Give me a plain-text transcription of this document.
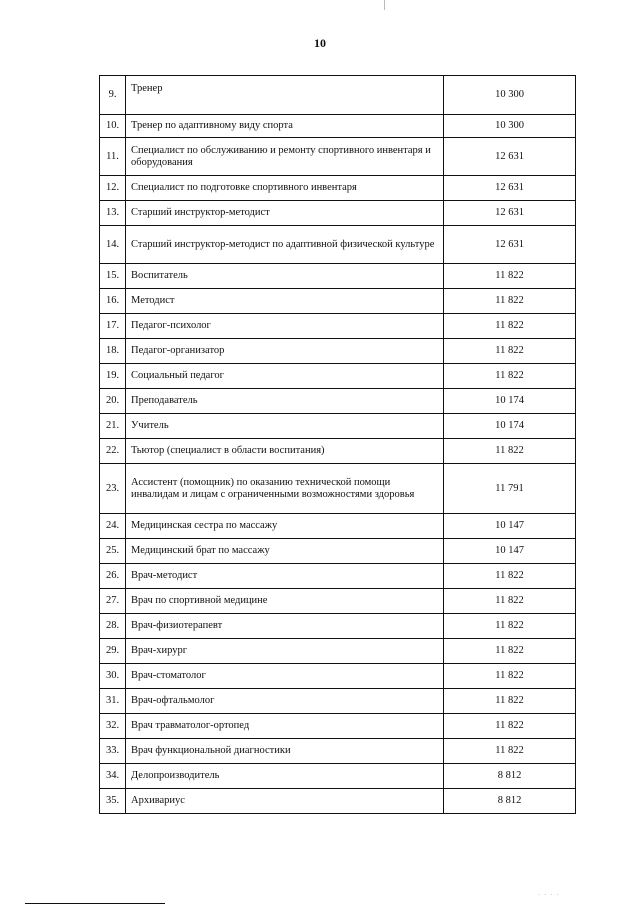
10
9.	Тренер	10 300
10.	Тренер по адаптивному виду спорта	10 300
11.	Специалист по обслуживанию и ремонту спортивного инвентаря и оборудования	12 631
12.	Специалист по подготовке спортивного инвентаря	12 631
13.	Старший инструктор-методист	12 631
14.	Старший инструктор-методист по адаптивной физической культуре	12 631
15.	Воспитатель	11 822
16.	Методист	11 822
17.	Педагог-психолог	11 822
18.	Педагог-организатор	11 822
19.	Социальный педагог	11 822
20.	Преподаватель	10 174
21.	Учитель	10 174
22.	Тьютор (специалист в области воспитания)	11 822
23.	Ассистент (помощник) по оказанию технической помощи инвалидам и лицам с ограниченными возможностями здоровья	11 791
24.	Медицинская сестра по массажу	10 147
25.	Медицинский брат по массажу	10 147
26.	Врач-методист	11 822
27.	Врач по спортивной медицине	11 822
28.	Врач-физиотерапевт	11 822
29.	Врач-хирург	11 822
30.	Врач-стоматолог	11 822
31.	Врач-офтальмолог	11 822
32.	Врач травматолог-ортопед	11 822
33.	Врач функциональной диагностики	11 822
34.	Делопроизводитель	8 812
35.	Архивариус	8 812
· · · ·
